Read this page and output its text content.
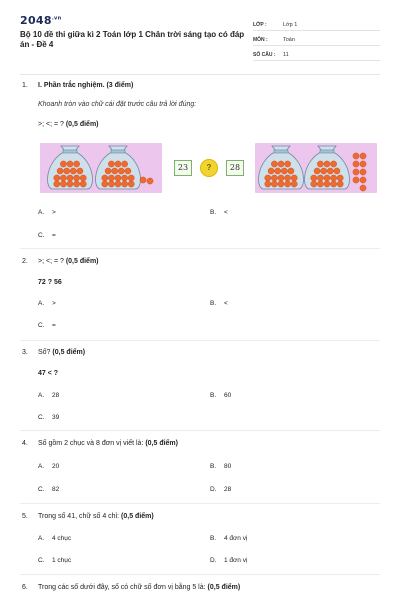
$2048^{.vn}$
Bộ 10 đề thi giữa kì 2 Toán lớp 1 Chân trời sáng tạo có đáp án - Đề 4
LỚP :	Lớp 1
MÔN :	Toán
SỐ CÂU :	11
1. I. Phần trắc nghiệm. (3 điểm)
Khoanh tròn vào chữ cái đặt trước câu trả lời đúng:
>; <; = ? (0,5 điểm)
23	?	28
A. >	B. <
C. =
2. >; <; = ? (0,5 điểm)
72 ? 56
A. >	B. <
C. =
3. Số? (0,5 điểm)
47 < ?
A. 28	B. 60
C. 39
4. Số gồm 2 chục và 8 đơn vị viết là: (0,5 điểm)
A. 20	B. 80
C. 82	D. 28
5. Trong số 41, chữ số 4 chỉ: (0,5 điểm)
A. 4 chục	B. 4 đơn vị
C. 1 chục	D. 1 đơn vị
6. Trong các số dưới đây, số có chữ số đơn vị bằng 5 là: (0,5 điểm)
